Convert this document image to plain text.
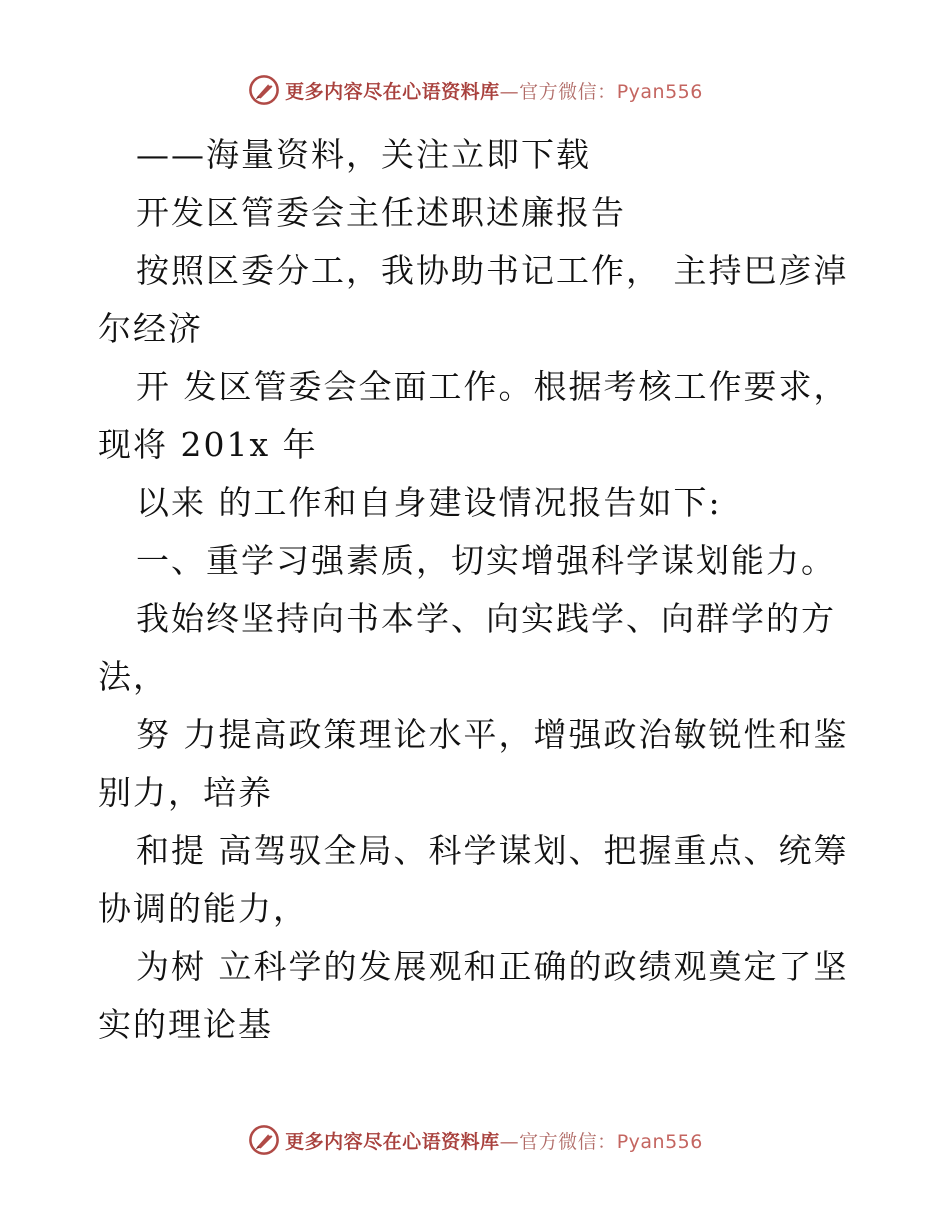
更多内容尽在心语资料库—官方微信：Pyan556
——海量资料，关注立即下载
开发区管委会主任述职述廉报告
按照区委分工，我协助书记工作， 主持巴彦淖
尔经济
开 发区管委会全面工作。根据考核工作要求，
现将 201x 年
以来 的工作和自身建设情况报告如下:
一、重学习强素质，切实增强科学谋划能力。
我始终坚持向书本学、向实践学、向群学的方
法，
努 力提高政策理论水平，增强政治敏锐性和鉴
别力，培养
和提 高驾驭全局、科学谋划、把握重点、统筹
协调的能力，
为树 立科学的发展观和正确的政绩观奠定了坚
实的理论基
更多内容尽在心语资料库—官方微信：Pyan556
